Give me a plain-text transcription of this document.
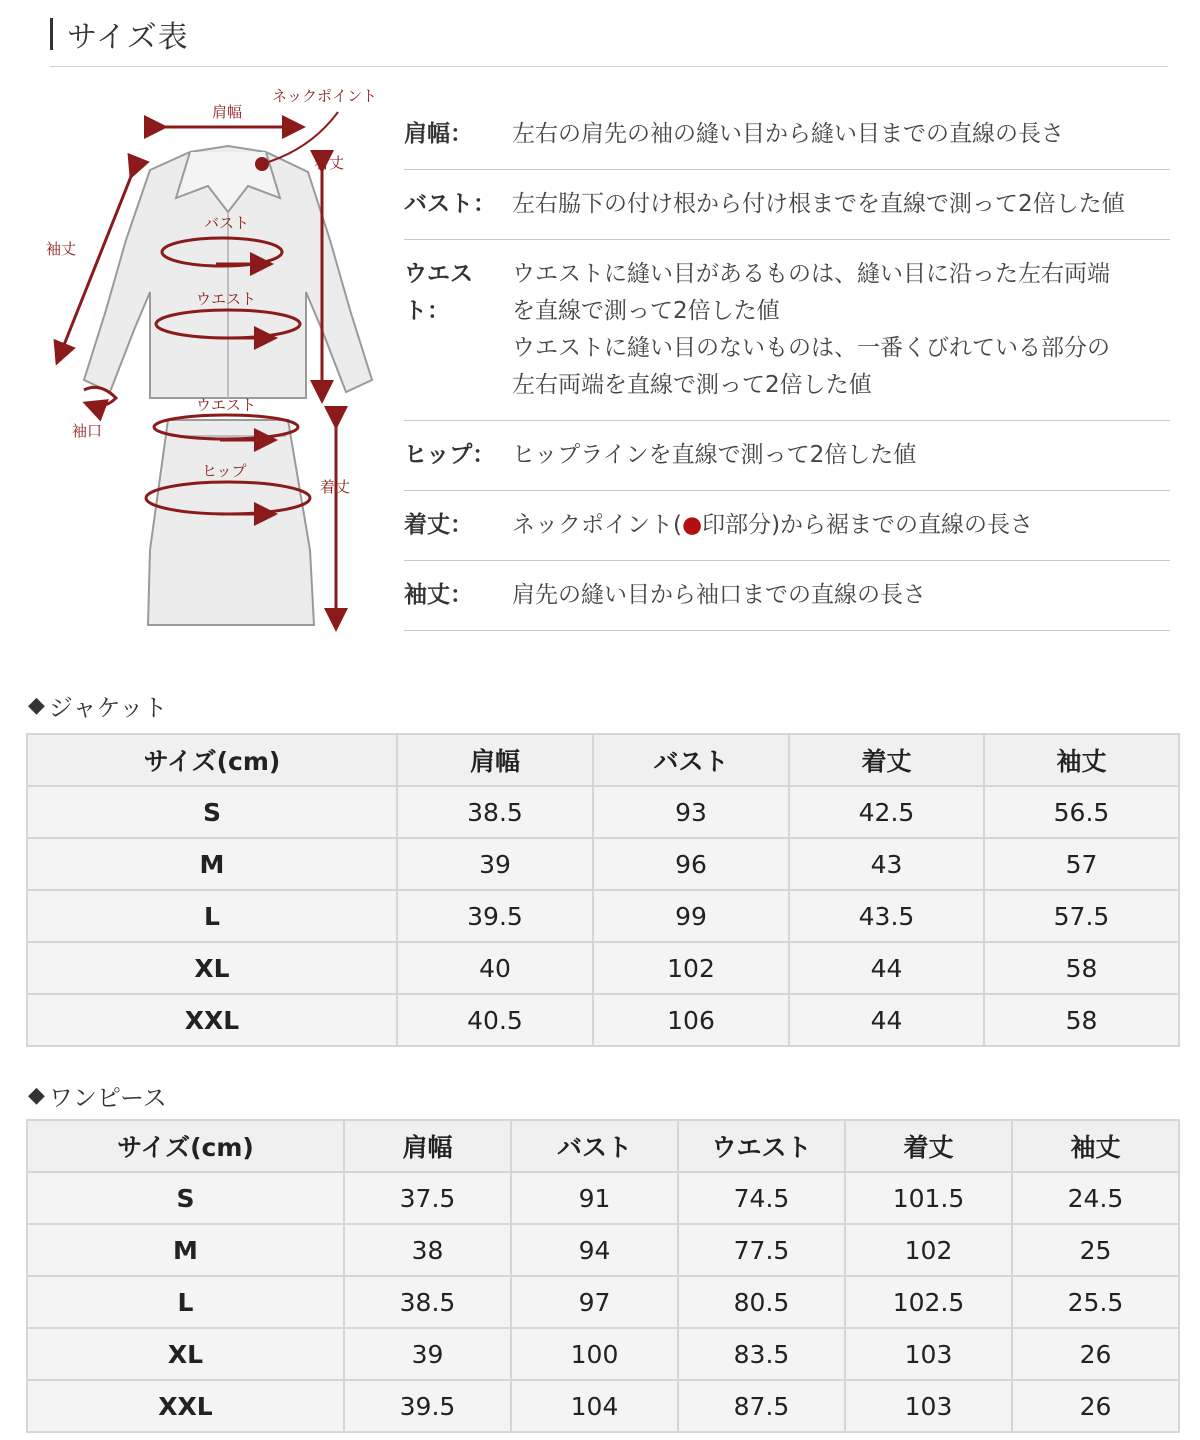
サイズ表
肩幅
ネックポイント
着丈
袖丈
バスト
ウエスト
袖口
ウエスト
ヒップ
着丈
肩幅：	左右の肩先の袖の縫い目から縫い目までの直線の長さ
バスト： 左右脇下の付け根から付け根までを直線で測って2倍した値
ウエスト：
ウエストに縫い目があるものは、縫い目に沿った左右両端
を直線で測って2倍した値
ウエストに縫い目のないものは、一番くびれている部分の
左右両端を直線で測って2倍した値
ヒップ： ヒップラインを直線で測って2倍した値
着丈：	ネックポイント(●印部分)から裾までの直線の長さ
袖丈：	肩先の縫い目から袖口までの直線の長さ
◆ ジャケット
サイズ(cm)	肩幅	バスト	着丈	袖丈
S	38.5	93	42.5	56.5
M	39	96	43	57
L	39.5	99	43.5	57.5
XL	40	102	44	58
XXL	40.5	106	44	58
◆ ワンピース
サイズ(cm)	肩幅	バスト	ウエスト	着丈	袖丈
S	37.5	91	74.5	101.5	24.5
M	38	94	77.5	102	25
L	38.5	97	80.5	102.5	25.5
XL	39	100	83.5	103	26
XXL	39.5	104	87.5	103	26
